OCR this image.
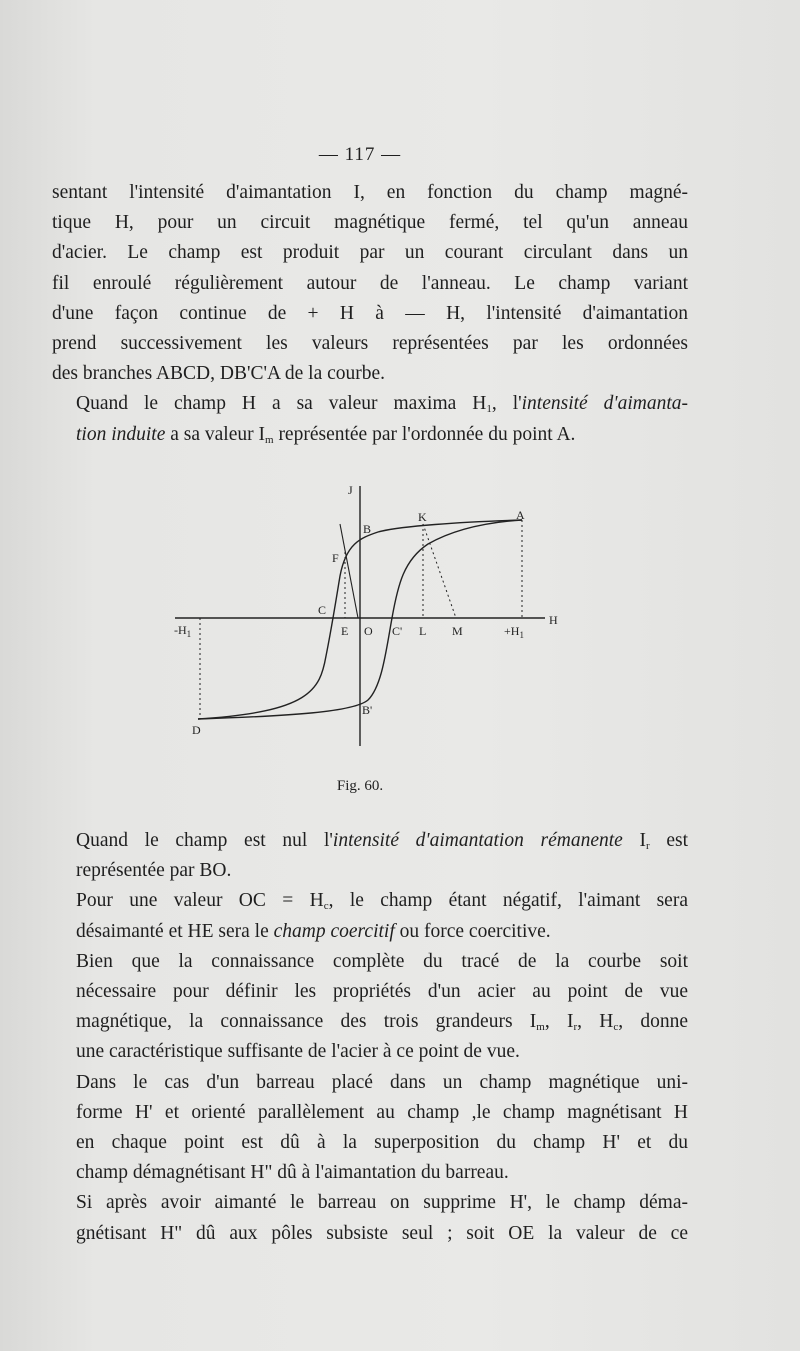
— 117 —

sentant l'intensité d'aimantation I, en fonction du champ magné-
tique H, pour un circuit magnétique fermé, tel qu'un anneau
d'acier. Le champ est produit par un courant circulant dans un
fil enroulé régulièrement autour de l'anneau. Le champ variant
d'une façon continue de + H à — H, l'intensité d'aimantation
prend successivement les valeurs représentées par les ordonnées
des branches ABCD, DB'C'A de la courbe.

Quand le champ H a sa valeur maxima $H_1$, l'intensité d'aimanta-
tion induite a sa valeur $I_m$ représentée par l'ordonnée du point A.

J
B
K	A
F
C
H
$-H_1$	E O C' L M	$+H_1$
D
B'
Fig. 60.

Quand le champ est nul l'intensité d'aimantation rémanente $I_r$ est
représentée par BO.

Pour une valeur OC = $H_c$, le champ étant négatif, l'aimant sera
désaimanté et HE sera le champ coercitif ou force coercitive.

Bien que la connaissance complète du tracé de la courbe soit
nécessaire pour définir les propriétés d'un acier au point de vue
magnétique, la connaissance des trois grandeurs $I_m$, $I_r$, $H_c$, donne
une caractéristique suffisante de l'acier à ce point de vue.

Dans le cas d'un barreau placé dans un champ magnétique uni-
forme H' et orienté parallèlement au champ ,le champ magnétisant H
en chaque point est dû à la superposition du champ H' et du
champ démagnétisant H" dû à l'aimantation du barreau.

Si après avoir aimanté le barreau on supprime H', le champ déma-
gnétisant H" dû aux pôles subsiste seul ; soit OE la valeur de ce
